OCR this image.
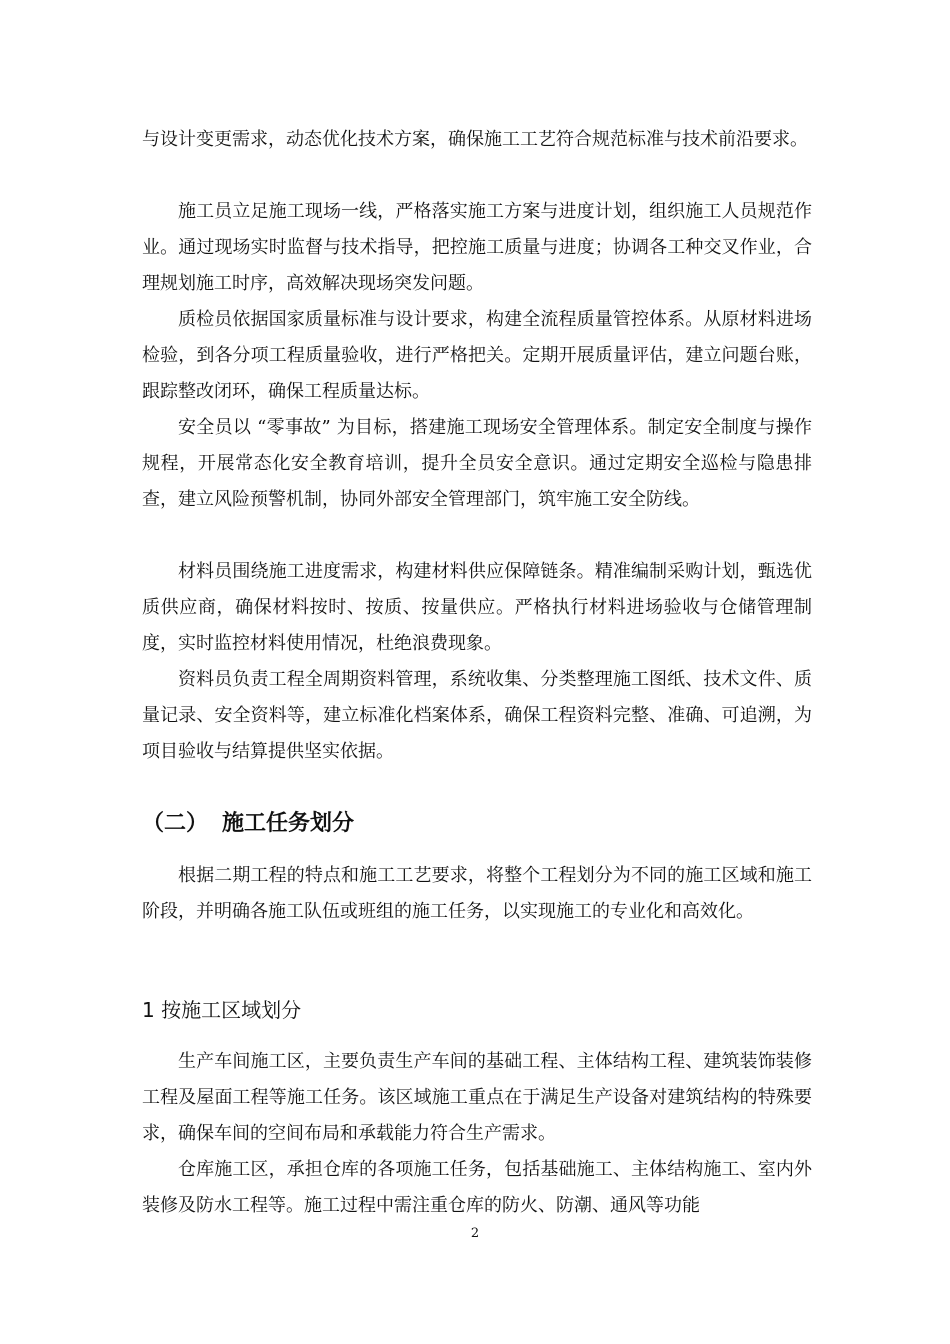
与设计变更需求，动态优化技术方案，确保施工工艺符合规范标准与技术前沿要求。

施工员立足施工现场一线，严格落实施工方案与进度计划，组织施工人员规范作业。通过现场实时监督与技术指导，把控施工质量与进度；协调各工种交叉作业，合理规划施工时序，高效解决现场突发问题。

质检员依据国家质量标准与设计要求，构建全流程质量管控体系。从原材料进场检验，到各分项工程质量验收，进行严格把关。定期开展质量评估，建立问题台账，跟踪整改闭环，确保工程质量达标。

安全员以 “零事故” 为目标，搭建施工现场安全管理体系。制定安全制度与操作规程，开展常态化安全教育培训，提升全员安全意识。通过定期安全巡检与隐患排查，建立风险预警机制，协同外部安全管理部门，筑牢施工安全防线。

材料员围绕施工进度需求，构建材料供应保障链条。精准编制采购计划，甄选优质供应商，确保材料按时、按质、按量供应。严格执行材料进场验收与仓储管理制度，实时监控材料使用情况，杜绝浪费现象。

资料员负责工程全周期资料管理，系统收集、分类整理施工图纸、技术文件、质量记录、安全资料等，建立标准化档案体系，确保工程资料完整、准确、可追溯，为项目验收与结算提供坚实依据。

（二） 施工任务划分

根据二期工程的特点和施工工艺要求，将整个工程划分为不同的施工区域和施工阶段，并明确各施工队伍或班组的施工任务，以实现施工的专业化和高效化。

1 按施工区域划分

生产车间施工区，主要负责生产车间的基础工程、主体结构工程、建筑装饰装修工程及屋面工程等施工任务。该区域施工重点在于满足生产设备对建筑结构的特殊要求，确保车间的空间布局和承载能力符合生产需求。

仓库施工区，承担仓库的各项施工任务，包括基础施工、主体结构施工、室内外装修及防水工程等。施工过程中需注重仓库的防火、防潮、通风等功能

2
